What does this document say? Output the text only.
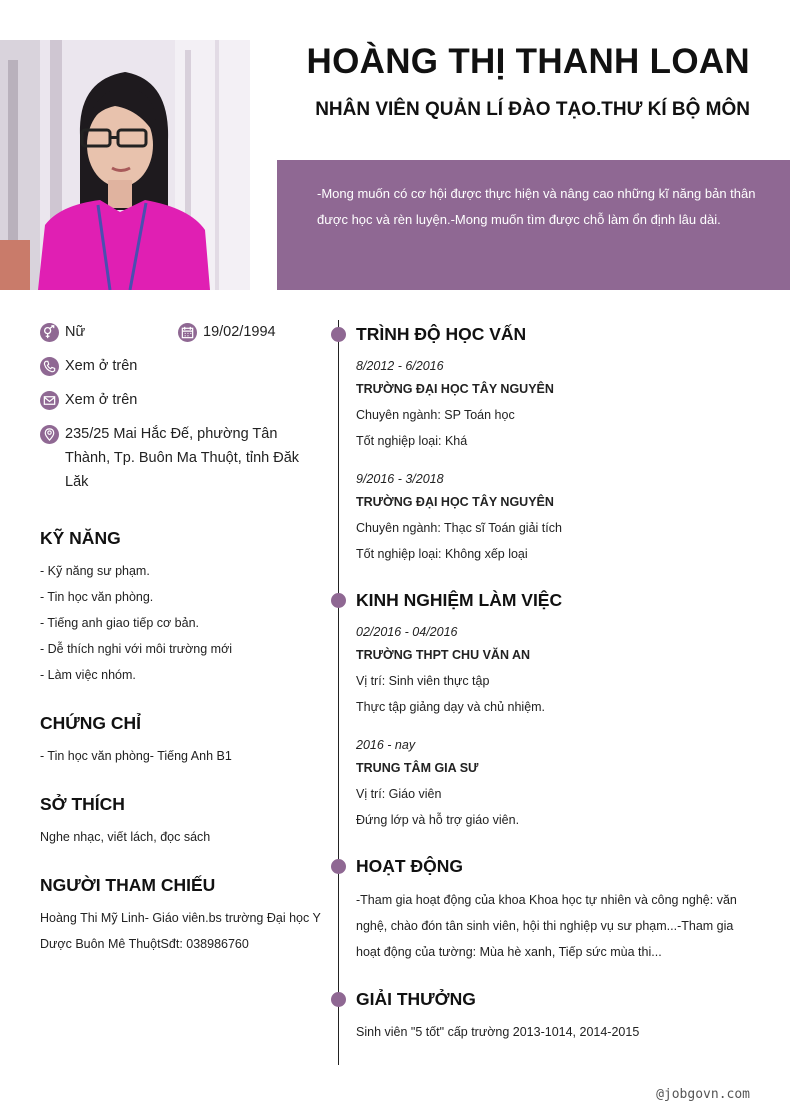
HOÀNG THỊ THANH LOAN
NHÂN VIÊN QUẢN LÍ ĐÀO TẠO.THƯ KÍ BỘ MÔN
-Mong muốn có cơ hội được thực hiện và nâng cao những kĩ năng bản thân được học và rèn luyện.-Mong muốn tìm được chỗ làm ổn định lâu dài.
Nữ	19/02/1994
Xem ở trên
Xem ở trên
235/25 Mai Hắc Đế, phường Tân Thành, Tp. Buôn Ma Thuột, tỉnh Đăk Lăk
KỸ NĂNG
- Kỹ năng sư phạm.
- Tin học văn phòng.
- Tiếng anh giao tiếp cơ bản.
- Dễ thích nghi với môi trường mới
- Làm việc nhóm.
CHỨNG CHỈ
- Tin học văn phòng- Tiếng Anh B1
SỞ THÍCH
Nghe nhạc, viết lách, đọc sách
NGƯỜI THAM CHIẾU
Hoàng Thi Mỹ Linh- Giáo viên.bs trường Đại học Y Dược Buôn Mê ThuộtSđt: 038986760
TRÌNH ĐỘ HỌC VẤN
8/2012 - 6/2016
TRƯỜNG ĐẠI HỌC TÂY NGUYÊN
Chuyên ngành: SP Toán học
Tốt nghiệp loại: Khá
9/2016 - 3/2018
TRƯỜNG ĐẠI HỌC TÂY NGUYÊN
Chuyên ngành: Thạc sĩ Toán giải tích
Tốt nghiệp loại: Không xếp loại
KINH NGHIỆM LÀM VIỆC
02/2016 - 04/2016
TRƯỜNG THPT CHU VĂN AN
Vị trí: Sinh viên thực tập
Thực tập giảng dạy và chủ nhiệm.
2016 - nay
TRUNG TÂM GIA SƯ
Vị trí: Giáo viên
Đứng lớp và hỗ trợ giáo viên.
HOẠT ĐỘNG
-Tham gia hoạt động của khoa Khoa học tự nhiên và công nghệ: văn nghệ, chào đón tân sinh viên, hội thi nghiệp vụ sư phạm...-Tham gia hoạt động của tường: Mùa hè xanh, Tiếp sức mùa thi...
GIẢI THƯỞNG
Sinh viên "5 tốt" cấp trường 2013-1014, 2014-2015
@jobgovn.com
